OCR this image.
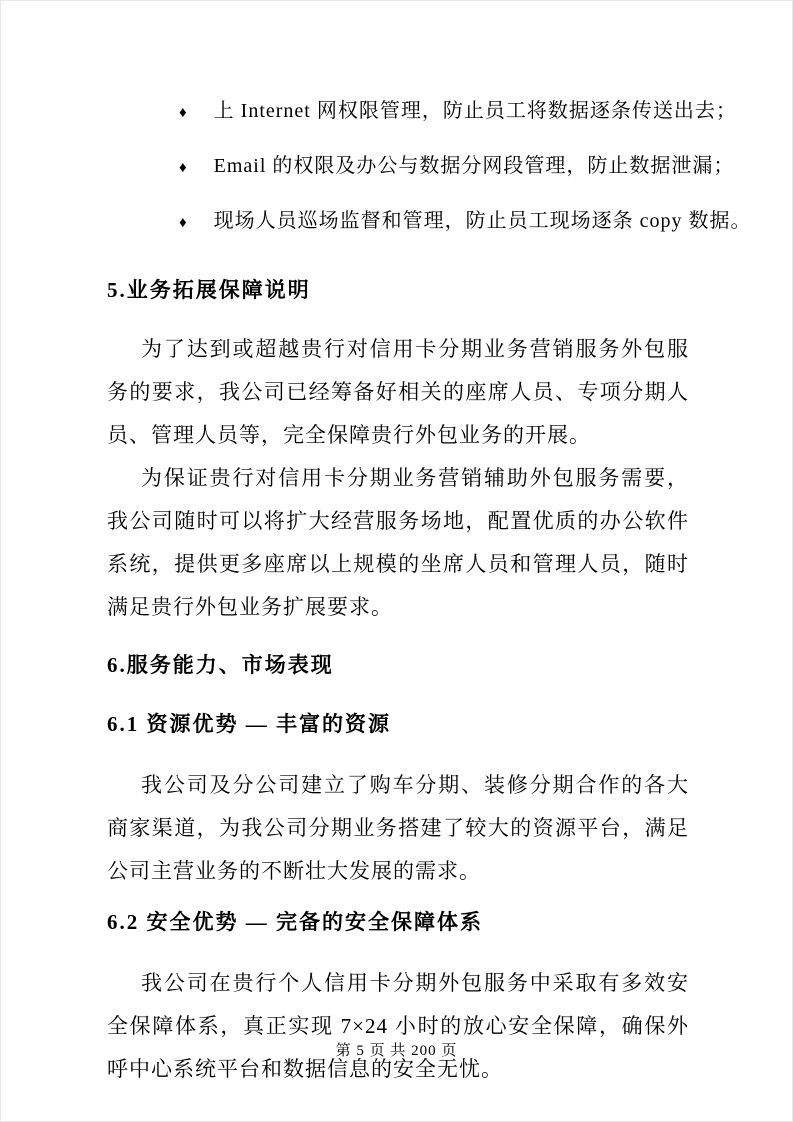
♦ 上 Internet 网权限管理，防止员工将数据逐条传送出去；
♦ Email 的权限及办公与数据分网段管理，防止数据泄漏；
♦ 现场人员巡场监督和管理，防止员工现场逐条 copy 数据。
5.业务拓展保障说明

为了达到或超越贵行对信用卡分期业务营销服务外包服务的要求，我公司已经筹备好相关的座席人员、专项分期人员、管理人员等，完全保障贵行外包业务的开展。

为保证贵行对信用卡分期业务营销辅助外包服务需要，我公司随时可以将扩大经营服务场地，配置优质的办公软件系统，提供更多座席以上规模的坐席人员和管理人员，随时满足贵行外包业务扩展要求。

6.服务能力、市场表现
6.1 资源优势 — 丰富的资源

我公司及分公司建立了购车分期、装修分期合作的各大商家渠道，为我公司分期业务搭建了较大的资源平台，满足公司主营业务的不断壮大发展的需求。

6.2 安全优势 — 完备的安全保障体系

我公司在贵行个人信用卡分期外包服务中采取有多效安全保障体系，真正实现 7×24 小时的放心安全保障，确保外呼中心系统平台和数据信息的安全无忧。

第 5 页 共 200 页
